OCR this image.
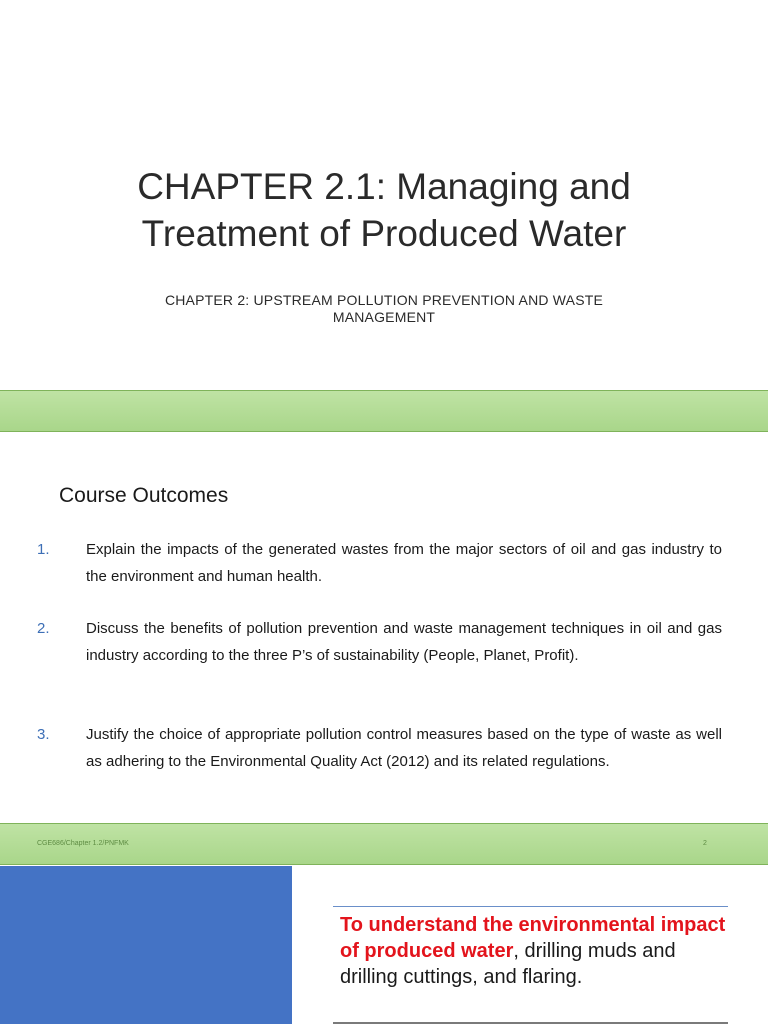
CHAPTER 2.1: Managing and
Treatment of Produced Water
CHAPTER 2: UPSTREAM POLLUTION PREVENTION AND WASTE
MANAGEMENT
Course Outcomes
1. Explain the impacts of the generated wastes from the major sectors of oil and gas industry to the environment and human health.
2. Discuss the benefits of pollution prevention and waste management techniques in oil and gas industry according to the three P’s of sustainability (People, Planet, Profit).
3. Justify the choice of appropriate pollution control measures based on the type of waste as well as adhering to the Environmental Quality Act (2012) and its related regulations.
CGE686/Chapter 1.2/PNFMK	2
To understand the environmental impact of produced water, drilling muds and drilling cuttings, and flaring.
